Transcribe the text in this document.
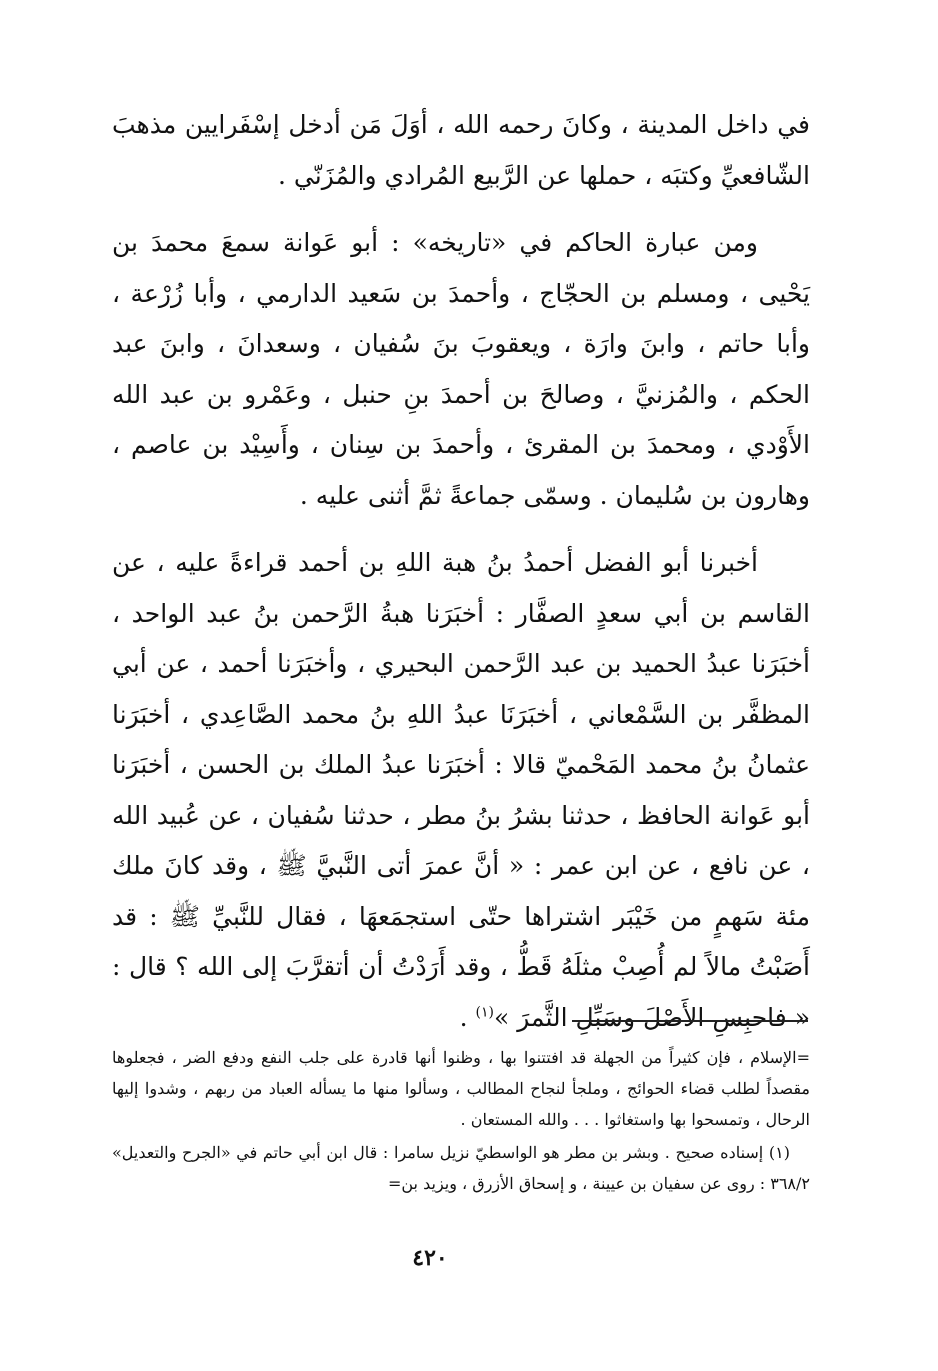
في داخل المدينة ، وكانَ رحمه الله ، أوَلَ مَن أدخل إسْفَرايين مذهبَ الشّافعيِّ وكتبَه ، حملها عن الرَّبيع المُرادي والمُزَنّي .

ومن عبارة الحاكم في «تاريخه» : أبو عَوانة سمعَ محمدَ بن يَحْيى ، ومسلم بن الحجّاج ، وأحمدَ بن سَعيد الدارمي ، وأبا زُرْعة ، وأبا حاتم ، وابنَ وارَة ، ويعقوبَ بنَ سُفيان ، وسعدانَ ، وابنَ عبد الحكم ، والمُزنيَّ ، وصالحَ بن أحمدَ بنِ حنبل ، وعَمْرو بن عبد الله الأَوْدي ، ومحمدَ بن المقرئ ، وأحمدَ بن سِنان ، وأَسِيْد بن عاصم ، وهارون بن سُليمان . وسمّى جماعةً ثمَّ أثنى عليه .

أخبرنا أبو الفضل أحمدُ بنُ هبة اللهِ بن أحمد قراءةً عليه ، عن القاسم بن أبي سعدٍ الصفَّار : أخبَرَنا هبةُ الرَّحمن بنُ عبد الواحد ، أخبَرَنا عبدُ الحميد بن عبد الرَّحمن البحيري ، وأخبَرَنا أحمد ، عن أبي المظفَّر بن السَّمْعاني ، أخبَرَنَا عبدُ اللهِ بنُ محمد الصَّاعِدي ، أخبَرَنا عثمانُ بنُ محمد المَحْميّ قالا : أخبَرَنا عبدُ الملك بن الحسن ، أخبَرَنا أبو عَوانة الحافظ ، حدثنا بشرُ بنُ مطر ، حدثنا سُفيان ، عن عُبيد الله ، عن نافع ، عن ابن عمر : « أنَّ عمرَ أتى النَّبيَّ ﷺ ، وقد كانَ ملك مئة سَهمٍ من خَيْبَر اشتراها حتّى استجمَعهَا ، فقال للنَّبيِّ ﷺ : قد أَصَبْتُ مالاً لم أُصِبْ مثلَهُ قَطُّ ، وقد أَرَدْتُ أن أتقرَّبَ إلى الله ؟ قال : « فاحبِسِ الأَصْلَ وسَبِّلِ الثَّمرَ »$^{(١)}$ .

=الإسلام ، فإن كثيراً من الجهلة قد افتتنوا بها ، وظنوا أنها قادرة على جلب النفع ودفع الضر ، فجعلوها مقصداً لطلب قضاء الحوائج ، وملجأ لنجاح المطالب ، وسألوا منها ما يسأله العباد من ربهم ، وشدوا إليها الرحال ، وتمسحوا بها واستغاثوا . . . والله المستعان .

(١) إسناده صحيح . وبشر بن مطر هو الواسطيّ نزيل سامرا : قال ابن أبي حاتم في «الجرح والتعديل» ٣٦٨/٢ : روى عن سفيان بن عيينة ، و إسحاق الأزرق ، ويزيد بن=

٤٢٠
